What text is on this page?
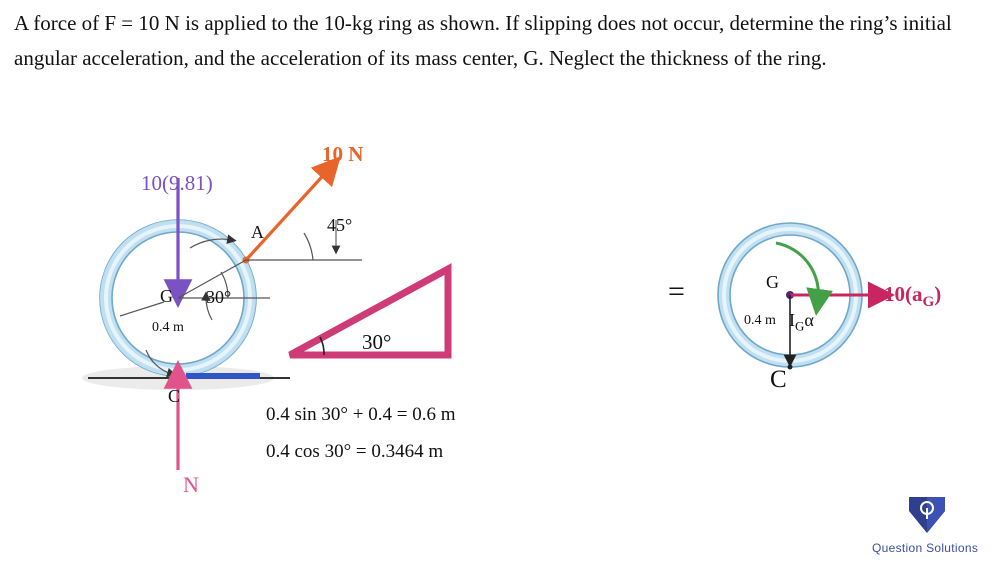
A force of F = 10 N is applied to the 10-kg ring as shown. If slipping does not occur, determine the ring’s initial angular acceleration, and the acceleration of its mass center, G. Neglect the thickness of the ring.
10(9.81)
10 N
A	45°
G 30°
0.4 m
C
N
30°
=	G	$10(a_G)$
0.4 m $I_G\alpha$
C
0.4 sin 30° + 0.4 = 0.6 m
0.4 cos 30° = 0.3464 m
Question Solutions
